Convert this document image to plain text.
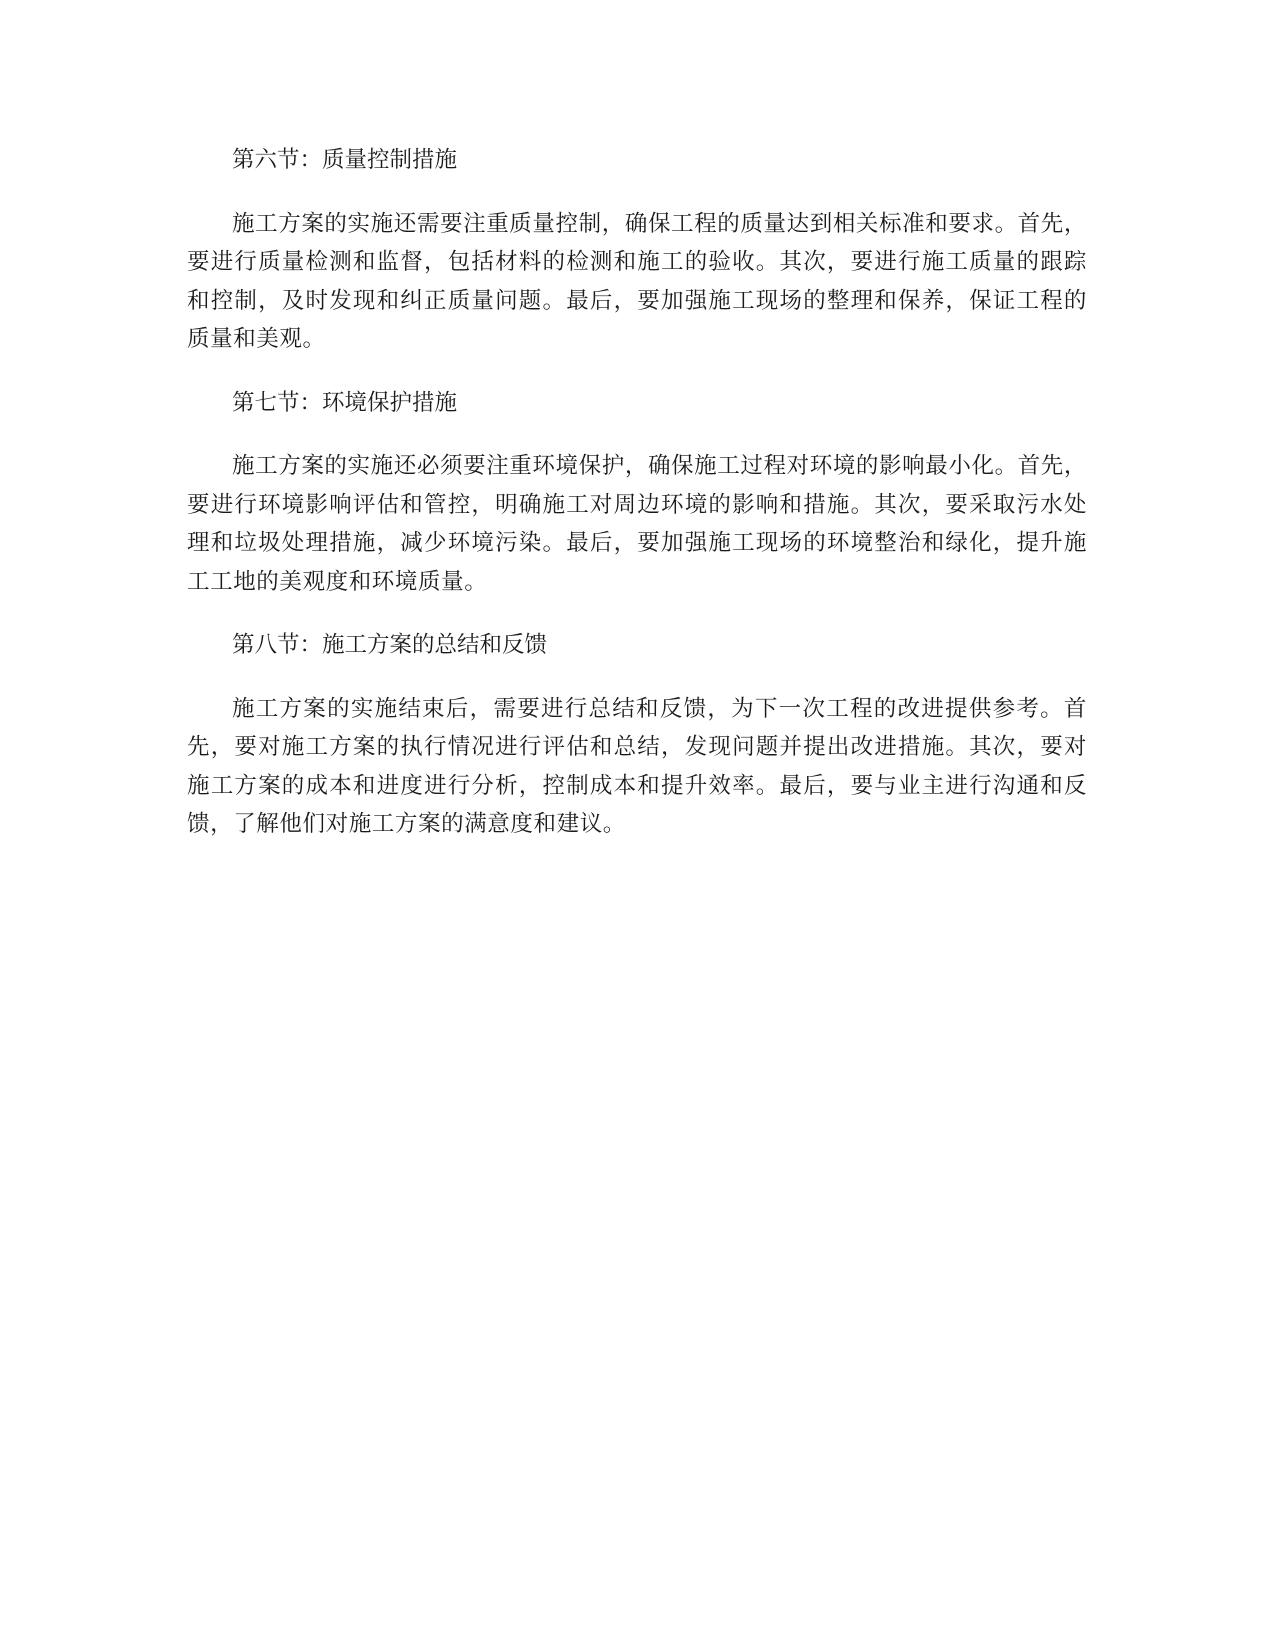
第六节：质量控制措施

施工方案的实施还需要注重质量控制，确保工程的质量达到相关标准和要求。首先，要进行质量检测和监督，包括材料的检测和施工的验收。其次，要进行施工质量的跟踪和控制，及时发现和纠正质量问题。最后，要加强施工现场的整理和保养，保证工程的质量和美观。

第七节：环境保护措施

施工方案的实施还必须要注重环境保护，确保施工过程对环境的影响最小化。首先，要进行环境影响评估和管控，明确施工对周边环境的影响和措施。其次，要采取污水处理和垃圾处理措施，减少环境污染。最后，要加强施工现场的环境整治和绿化，提升施工工地的美观度和环境质量。

第八节：施工方案的总结和反馈

施工方案的实施结束后，需要进行总结和反馈，为下一次工程的改进提供参考。首先，要对施工方案的执行情况进行评估和总结，发现问题并提出改进措施。其次，要对施工方案的成本和进度进行分析，控制成本和提升效率。最后，要与业主进行沟通和反馈，了解他们对施工方案的满意度和建议。
